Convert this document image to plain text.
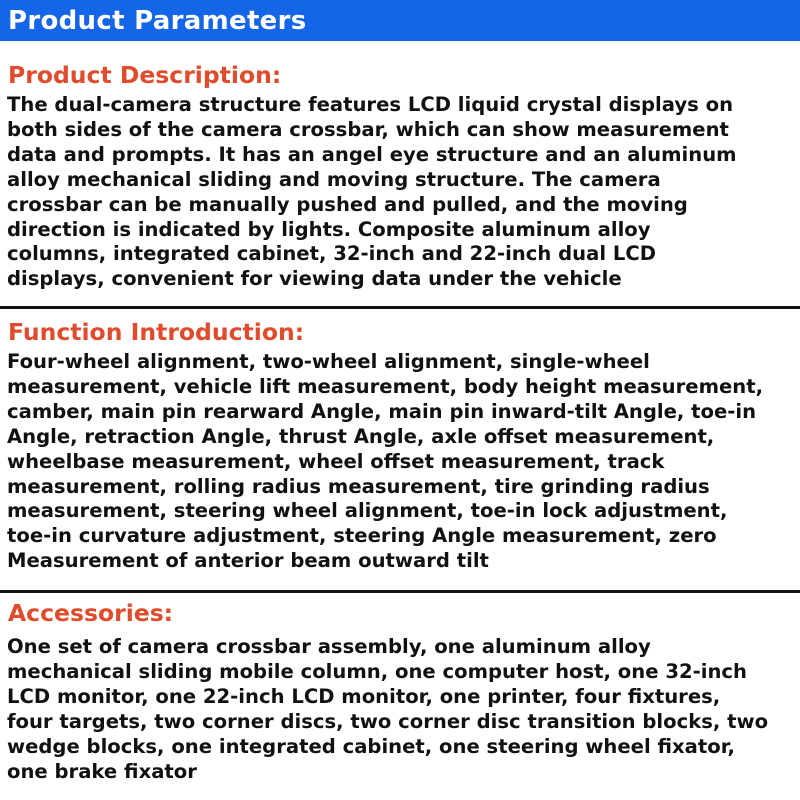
Product Parameters
Product Description:

The dual-camera structure features LCD liquid crystal displays on
both sides of the camera crossbar, which can show measurement
data and prompts. It has an angel eye structure and an aluminum
alloy mechanical sliding and moving structure. The camera
crossbar can be manually pushed and pulled, and the moving
direction is indicated by lights. Composite aluminum alloy
columns, integrated cabinet, 32-inch and 22-inch dual LCD
displays, convenient for viewing data under the vehicle

Function Introduction:

Four-wheel alignment, two-wheel alignment, single-wheel
measurement, vehicle lift measurement, body height measurement,
camber, main pin rearward Angle, main pin inward-tilt Angle, toe-in
Angle, retraction Angle, thrust Angle, axle offset measurement,
wheelbase measurement, wheel offset measurement, track
measurement, rolling radius measurement, tire grinding radius
measurement, steering wheel alignment, toe-in lock adjustment,
toe-in curvature adjustment, steering Angle measurement, zero
Measurement of anterior beam outward tilt

Accessories:

One set of camera crossbar assembly, one aluminum alloy
mechanical sliding mobile column, one computer host, one 32-inch
LCD monitor, one 22-inch LCD monitor, one printer, four fixtures,
four targets, two corner discs, two corner disc transition blocks, two
wedge blocks, one integrated cabinet, one steering wheel fixator,
one brake fixator
